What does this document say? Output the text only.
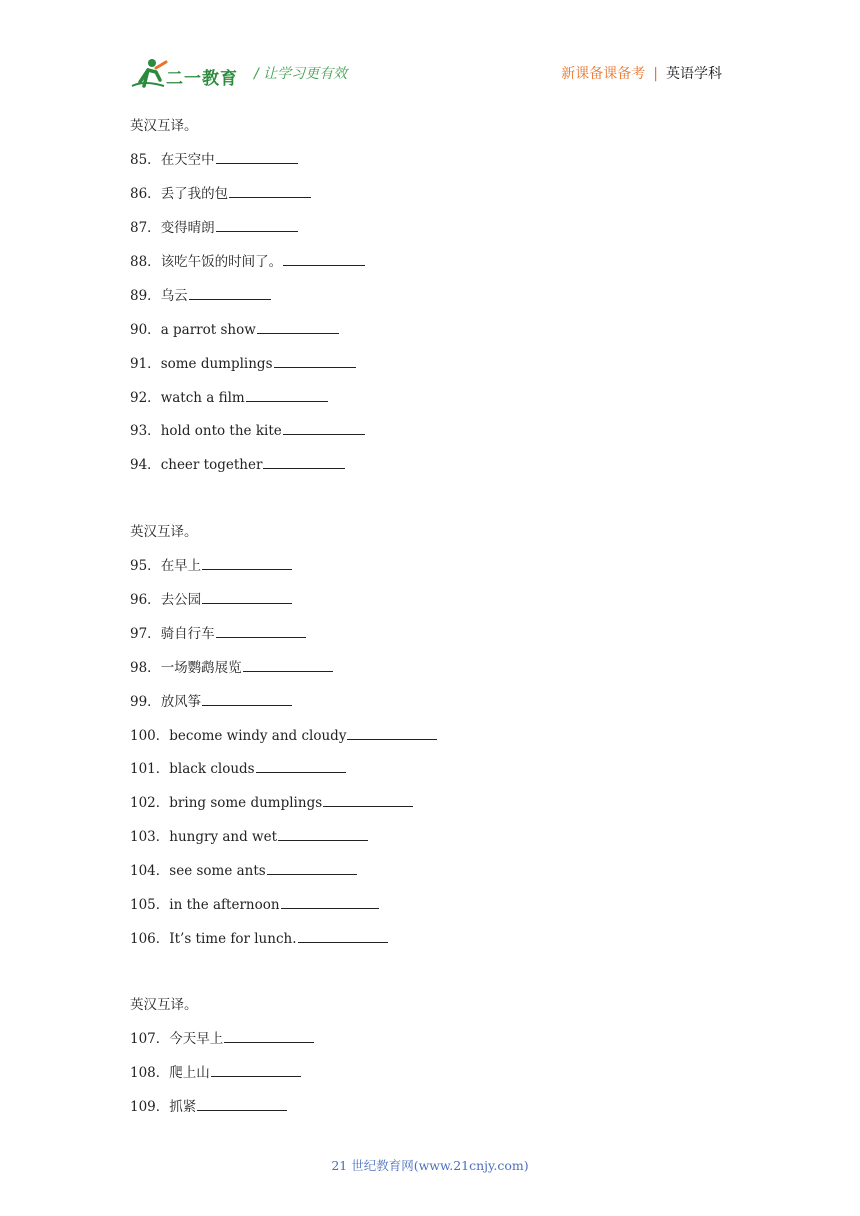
二一教育 / 让学习更有效	新课备课备考 | 英语学科
英汉互译。
85．在天空中
86．丢了我的包
87．变得晴朗
88．该吃午饭的时间了。
89．乌云
90．a parrot show
91．some dumplings
92．watch a film
93．hold onto the kite
94．cheer together
英汉互译。
95．在早上
96．去公园
97．骑自行车
98．一场鹦鹉展览
99．放风筝
100．become windy and cloudy
101．black clouds
102．bring some dumplings
103．hungry and wet
104．see some ants
105．in the afternoon
106．It’s time for lunch.
英汉互译。
107．今天早上
108．爬上山
109．抓紧
21 世纪教育网(www.21cnjy.com)
